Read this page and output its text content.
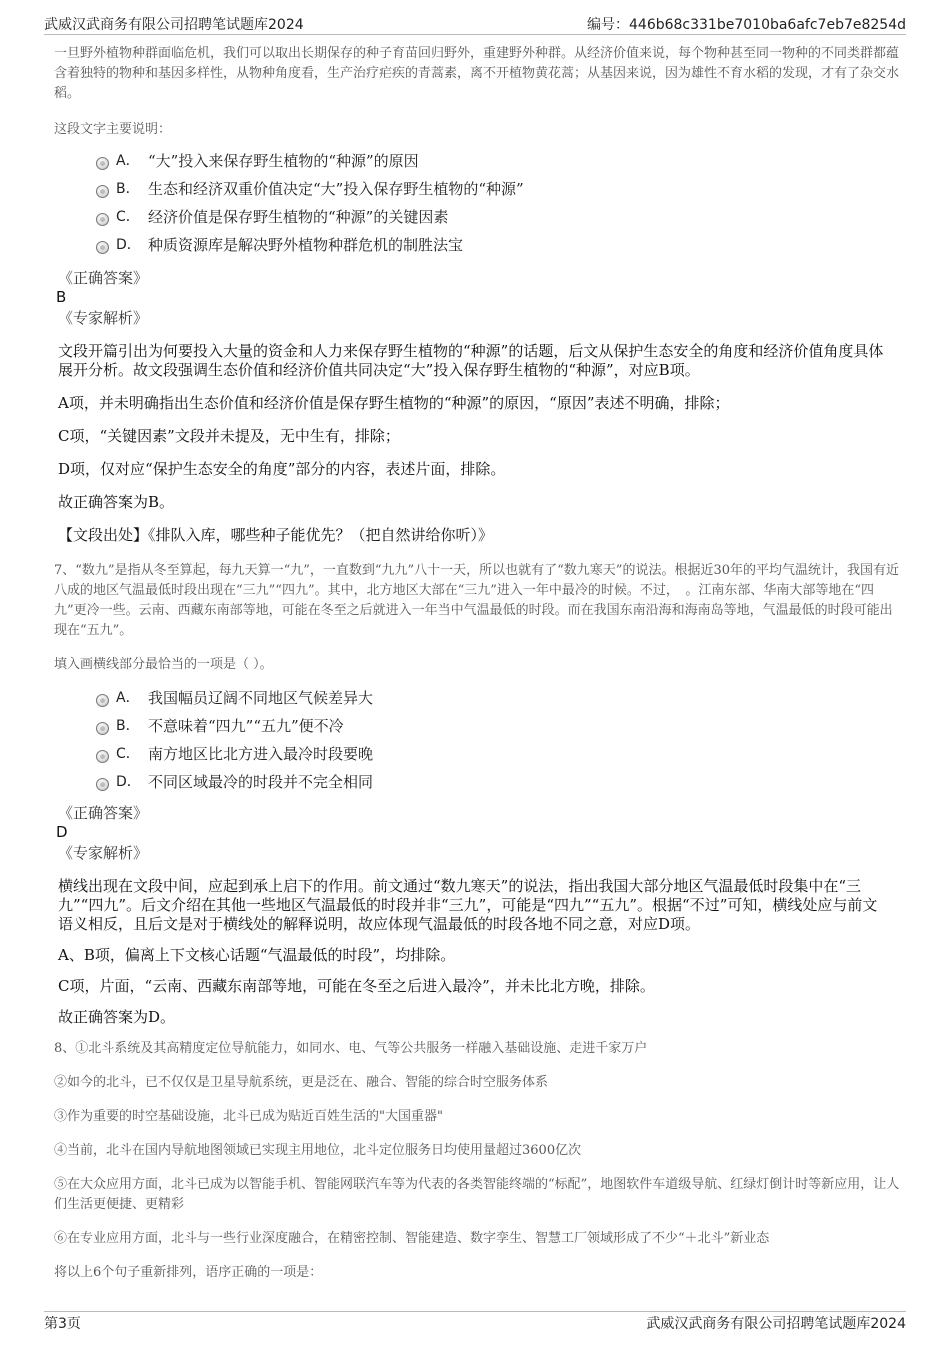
武威汉武商务有限公司招聘笔试题库2024	编号：446b68c331be7010ba6afc7eb7e8254d

一旦野外植物种群面临危机，我们可以取出长期保存的种子育苗回归野外，重建野外种群。从经济价值来说，每个物种甚至同一物种的不同类群都蕴含着独特的物种和基因多样性，从物种角度看，生产治疗疟疾的青蒿素，离不开植物黄花蒿；从基因来说，因为雄性不育水稻的发现，才有了杂交水稻。

这段文字主要说明：

A． “大”投入来保存野生植物的“种源”的原因
B． 生态和经济双重价值决定“大”投入保存野生植物的“种源”
C． 经济价值是保存野生植物的“种源”的关键因素
D． 种质资源库是解决野外植物种群危机的制胜法宝
《正确答案》
B
《专家解析》

文段开篇引出为何要投入大量的资金和人力来保存野生植物的“种源”的话题，后文从保护生态安全的角度和经济价值角度具体展开分析。故文段强调生态价值和经济价值共同决定“大”投入保存野生植物的“种源”，对应B项。

A项，并未明确指出生态价值和经济价值是保存野生植物的“种源”的原因，“原因”表述不明确，排除；

C项，“关键因素”文段并未提及，无中生有，排除；

D项，仅对应“保护生态安全的角度”部分的内容，表述片面，排除。

故正确答案为B。

【文段出处】《排队入库，哪些种子能优先？（把自然讲给你听）》

7、“数九”是指从冬至算起，每九天算一“九”，一直数到“九九”八十一天，所以也就有了“数九寒天”的说法。根据近30年的平均气温统计，我国有近八成的地区气温最低时段出现在“三九”“四九”。其中，北方地区大部在“三九”进入一年中最冷的时候。不过，　。江南东部、华南大部等地在“四九”更冷一些。云南、西藏东南部等地，可能在冬至之后就进入一年当中气温最低的时段。而在我国东南沿海和海南岛等地，气温最低的时段可能出现在“五九”。

填入画横线部分最恰当的一项是（ ）。

A． 我国幅员辽阔不同地区气候差异大
B． 不意味着“四九”“五九”便不冷
C． 南方地区比北方进入最冷时段要晚
D． 不同区域最冷的时段并不完全相同
《正确答案》
D
《专家解析》

横线出现在文段中间，应起到承上启下的作用。前文通过“数九寒天”的说法，指出我国大部分地区气温最低时段集中在“三九”“四九”。后文介绍在其他一些地区气温最低的时段并非“三九”，可能是“四九”“五九”。根据“不过”可知，横线处应与前文语义相反，且后文是对于横线处的解释说明，故应体现气温最低的时段各地不同之意，对应D项。

A、B项，偏离上下文核心话题“气温最低的时段”，均排除。

C项，片面，“云南、西藏东南部等地，可能在冬至之后进入最冷”，并未比北方晚，排除。

故正确答案为D。

8、①北斗系统及其高精度定位导航能力，如同水、电、气等公共服务一样融入基础设施、走进千家万户

②如今的北斗，已不仅仅是卫星导航系统，更是泛在、融合、智能的综合时空服务体系

③作为重要的时空基础设施，北斗已成为贴近百姓生活的"大国重器"

④当前，北斗在国内导航地图领域已实现主用地位，北斗定位服务日均使用量超过3600亿次

⑤在大众应用方面，北斗已成为以智能手机、智能网联汽车等为代表的各类智能终端的“标配”，地图软件车道级导航、红绿灯倒计时等新应用，让人们生活更便捷、更精彩

⑥在专业应用方面，北斗与一些行业深度融合，在精密控制、智能建造、数字孪生、智慧工厂领域形成了不少“＋北斗”新业态

将以上6个句子重新排列，语序正确的一项是：

第3页	武威汉武商务有限公司招聘笔试题库2024
